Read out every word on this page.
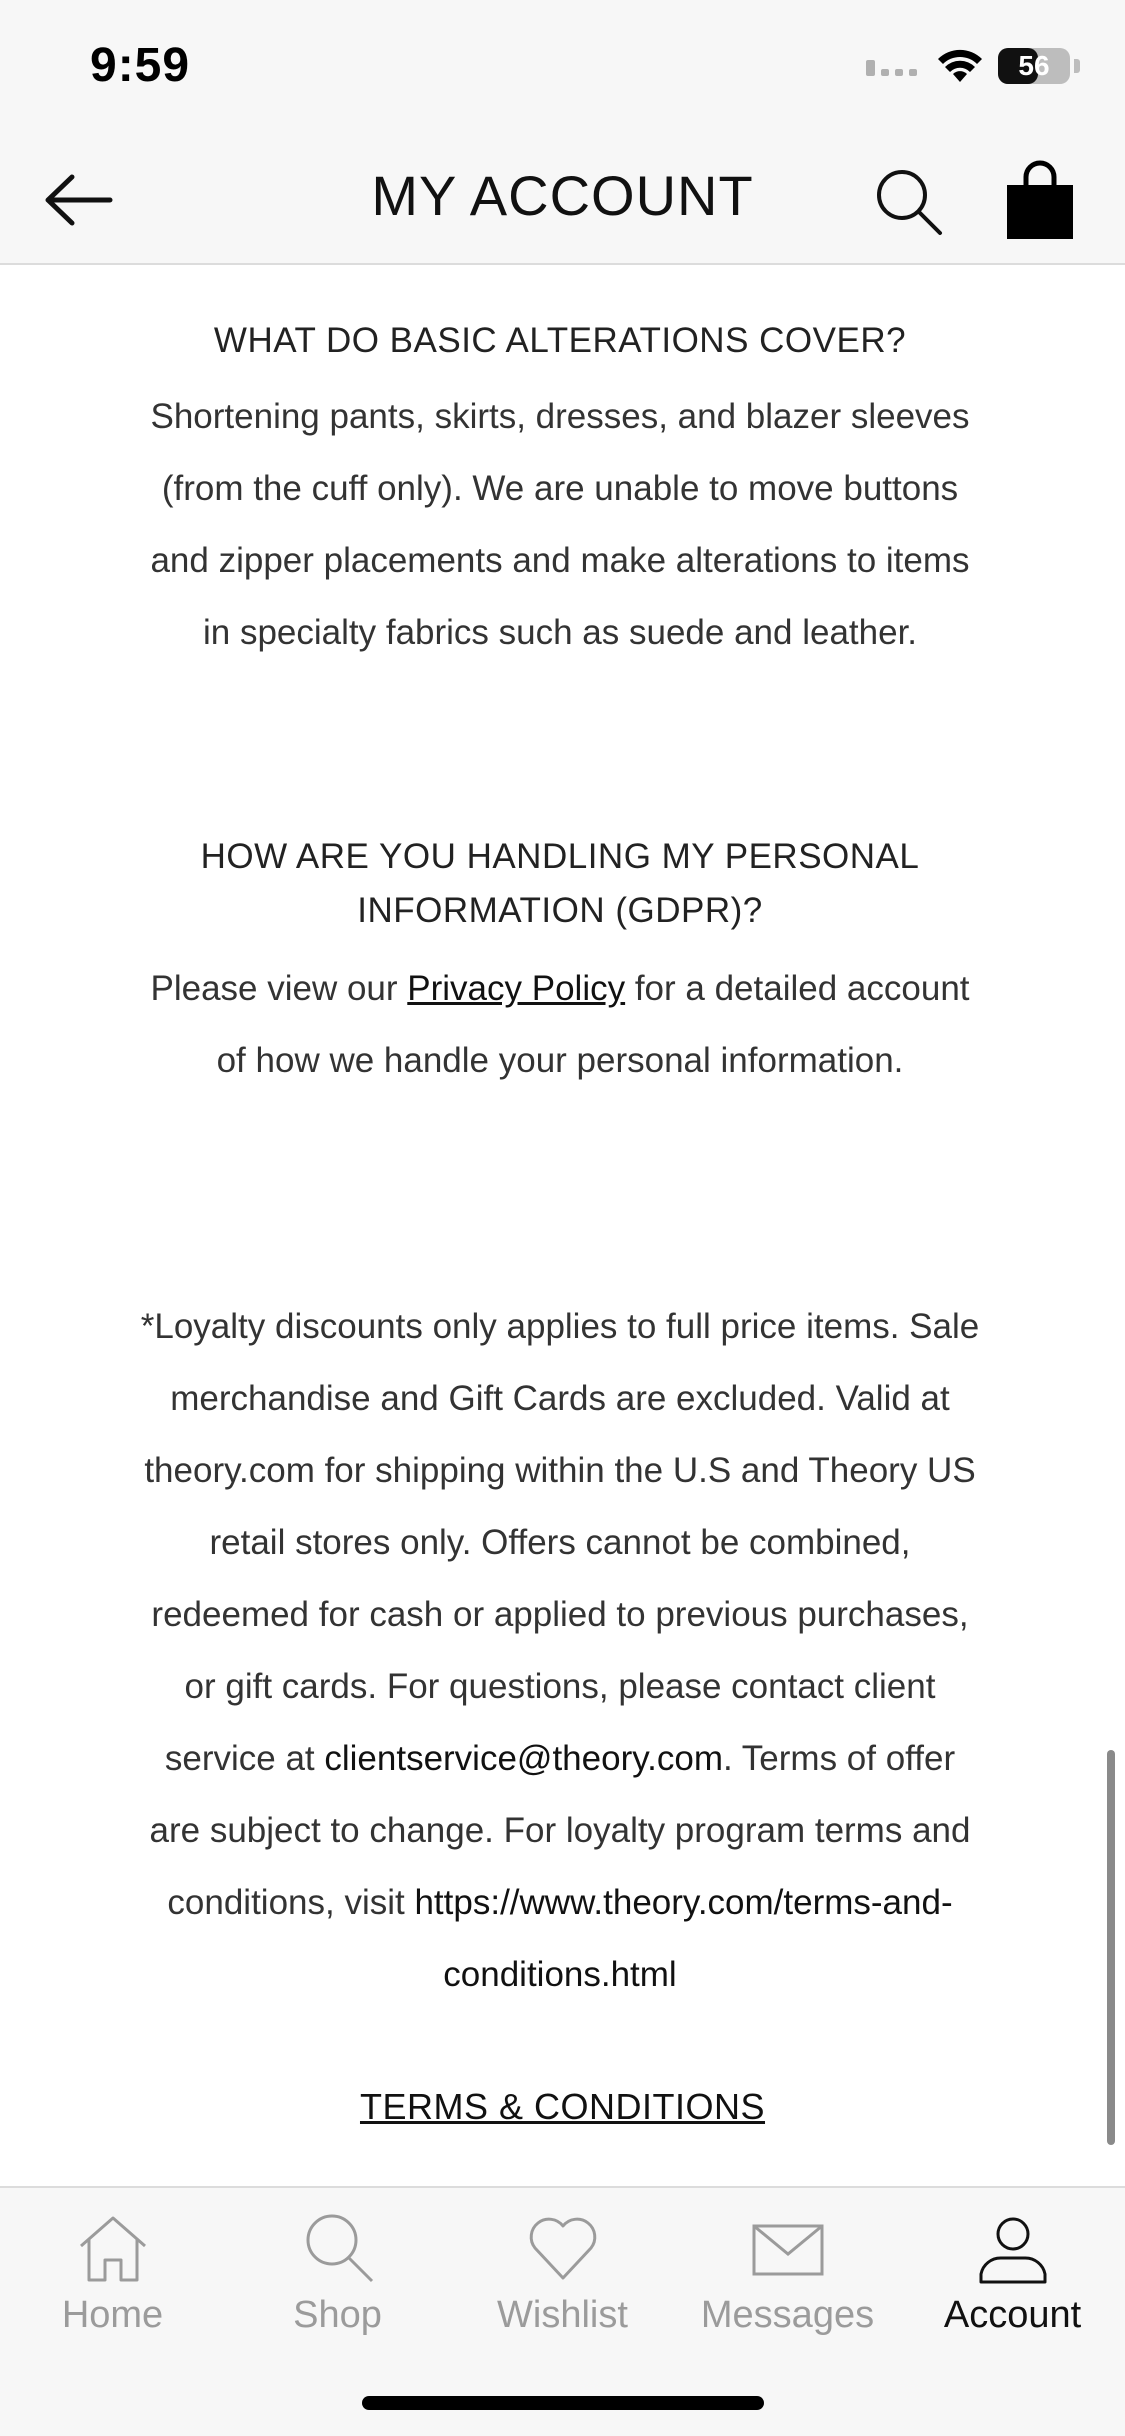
9:59	56
MY ACCOUNT
WHAT DO BASIC ALTERATIONS COVER?
Shortening pants, skirts, dresses, and blazer sleeves (from the cuff only). We are unable to move buttons and zipper placements and make alterations to items in specialty fabrics such as suede and leather.
HOW ARE YOU HANDLING MY PERSONAL INFORMATION (GDPR)?
Please view our Privacy Policy for a detailed account of how we handle your personal information.
*Loyalty discounts only applies to full price items. Sale merchandise and Gift Cards are excluded. Valid at theory.com for shipping within the U.S and Theory US retail stores only. Offers cannot be combined, redeemed for cash or applied to previous purchases, or gift cards. For questions, please contact client service at clientservice@theory.com. Terms of offer are subject to change. For loyalty program terms and conditions, visit https://www.theory.com/terms-and-conditions.html
TERMS & CONDITIONS
Home	Shop	Wishlist	Messages	Account
